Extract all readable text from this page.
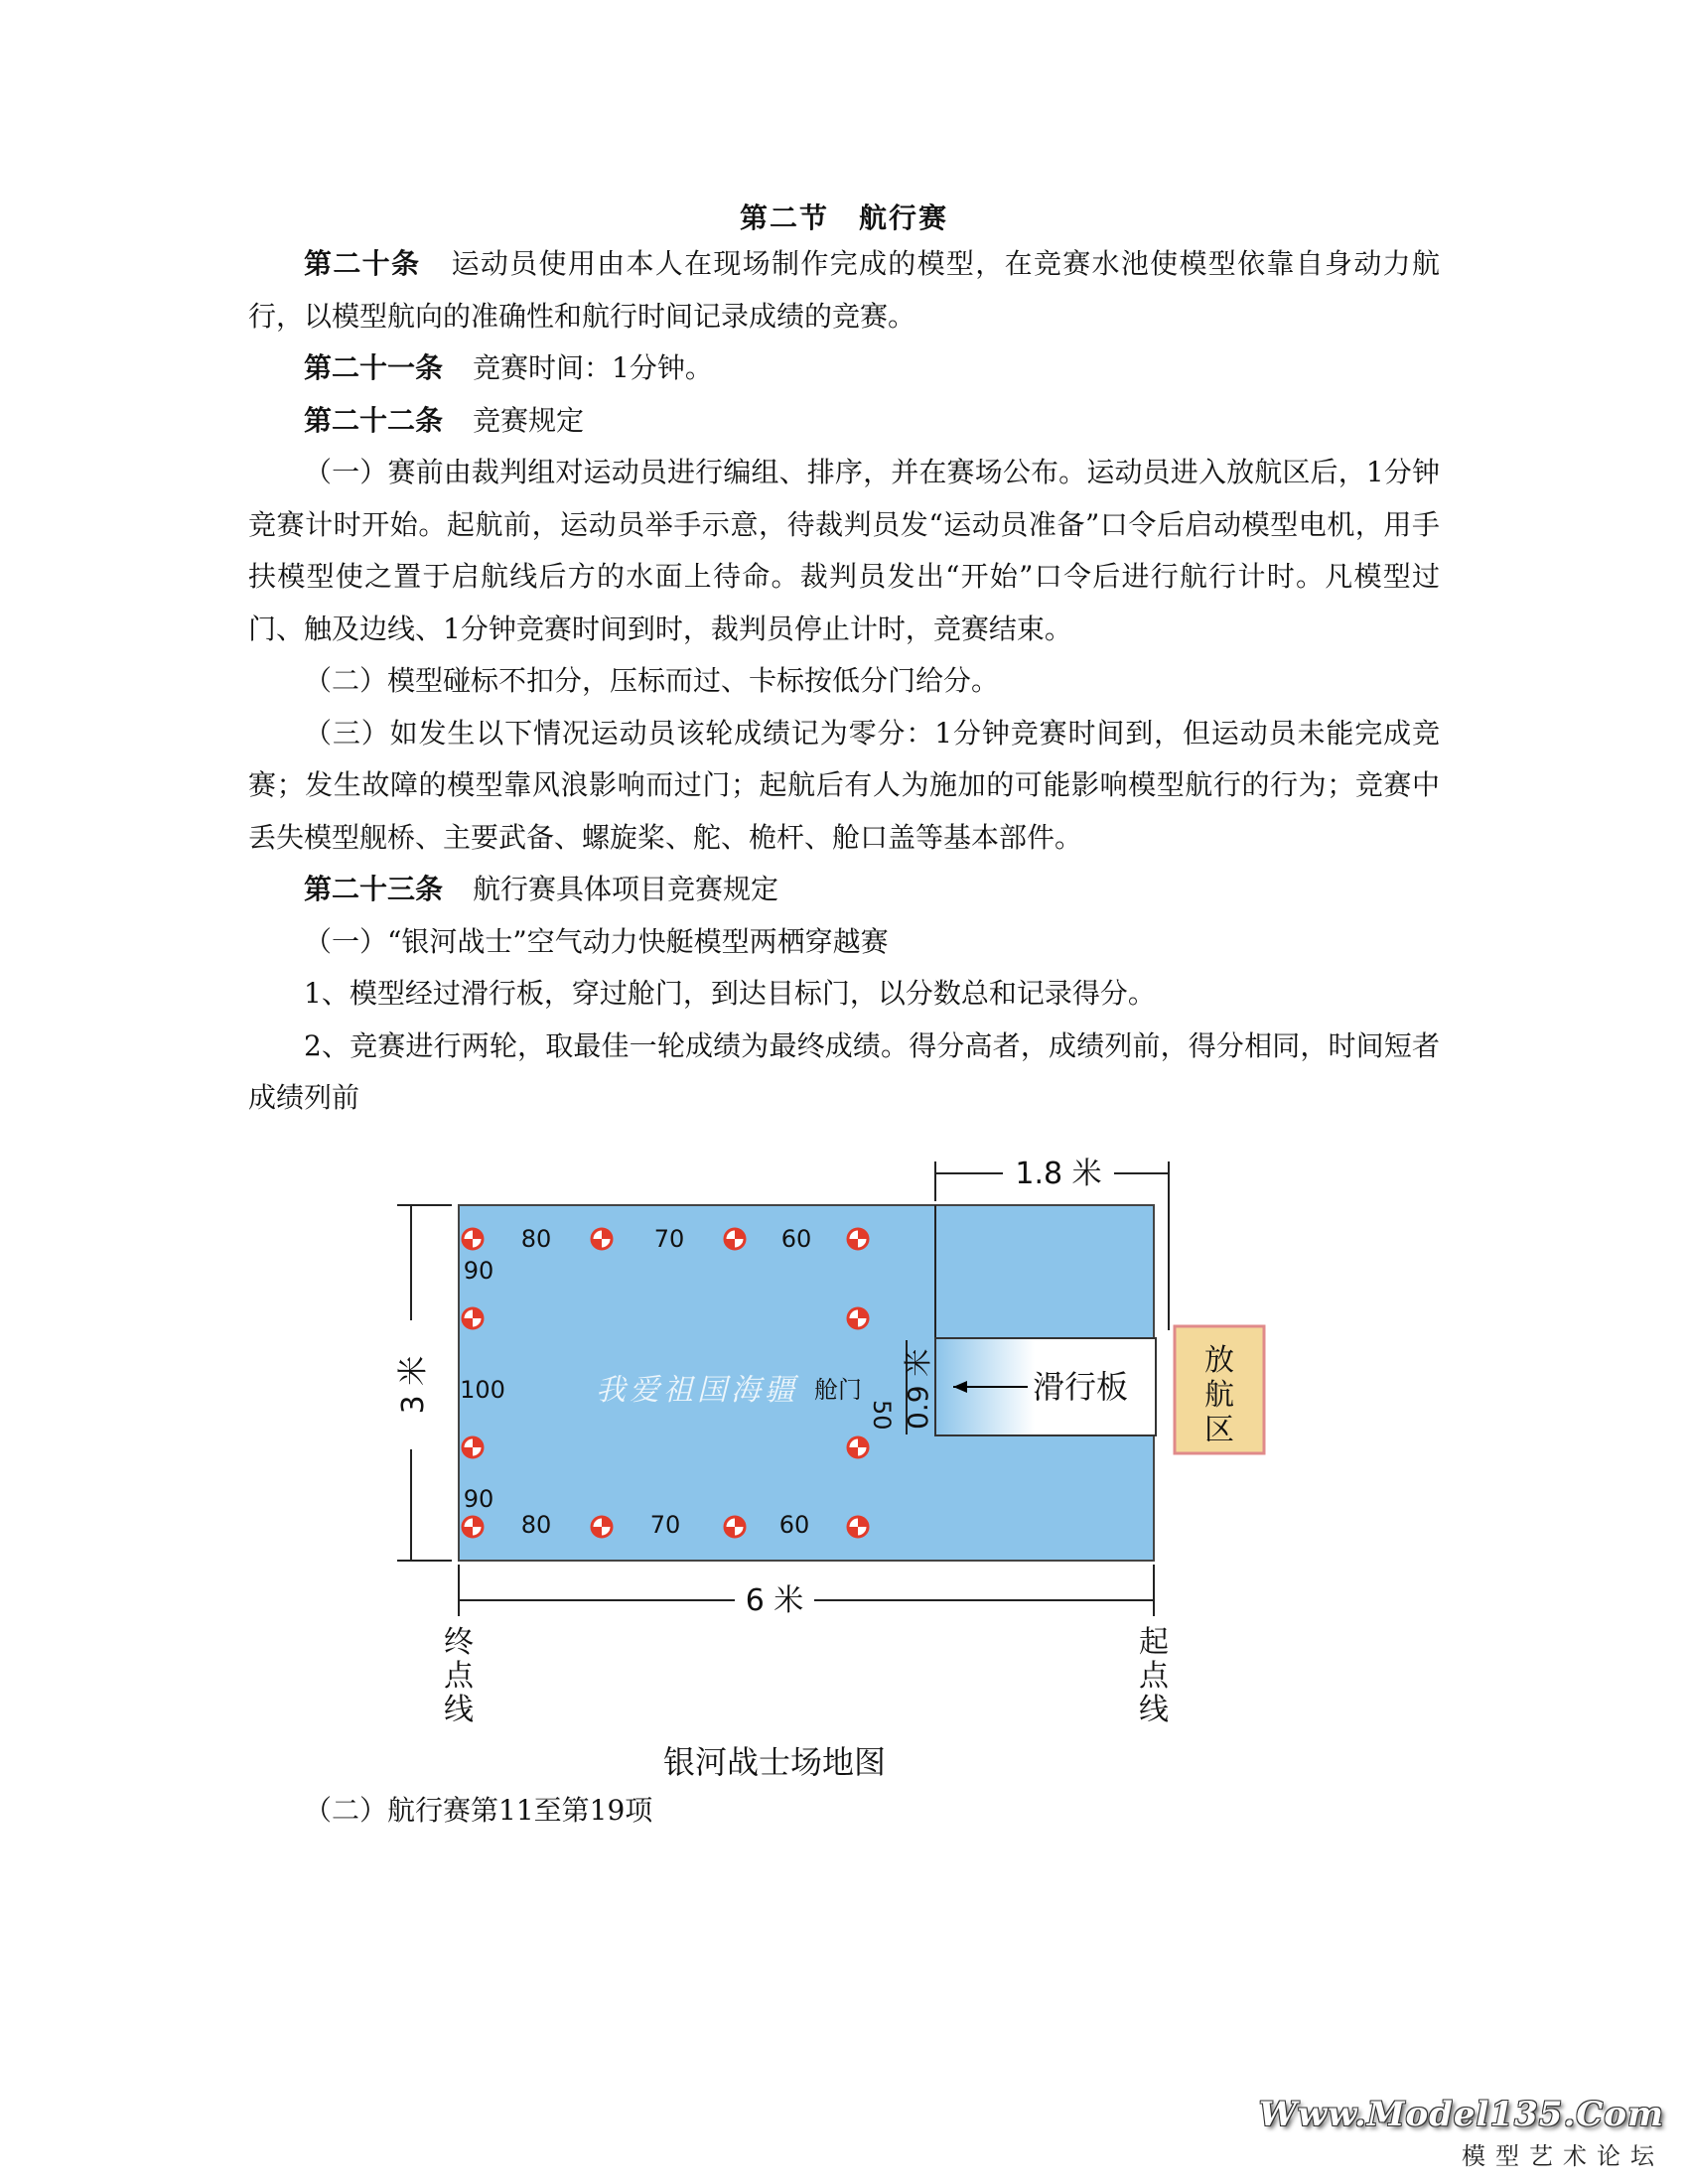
第二节　航行赛

第二十条 运动员使用由本人在现场制作完成的模型，在竞赛水池使模型依靠自身动力航行，以模型航向的准确性和航行时间记录成绩的竞赛。

第二十一条 竞赛时间：1分钟。

第二十二条 竞赛规定

（一）赛前由裁判组对运动员进行编组、排序，并在赛场公布。运动员进入放航区后，1分钟竞赛计时开始。起航前，运动员举手示意，待裁判员发“运动员准备”口令后启动模型电机，用手扶模型使之置于启航线后方的水面上待命。裁判员发出“开始”口令后进行航行计时。凡模型过门、触及边线、1分钟竞赛时间到时，裁判员停止计时，竞赛结束。

（二）模型碰标不扣分，压标而过、卡标按低分门给分。

（三）如发生以下情况运动员该轮成绩记为零分：1分钟竞赛时间到，但运动员未能完成竞赛；发生故障的模型靠风浪影响而过门；起航后有人为施加的可能影响模型航行的行为；竞赛中丢失模型舰桥、主要武备、螺旋桨、舵、桅杆、舱口盖等基本部件。

第二十三条 航行赛具体项目竞赛规定

（一）“银河战士”空气动力快艇模型两栖穿越赛

1、模型经过滑行板，穿过舱门，到达目标门，以分数总和记录得分。

2、竞赛进行两轮，取最佳一轮成绩为最终成绩。得分高者，成绩列前，得分相同，时间短者成绩列前

滑行板
0.9 米	放
航
区
1.8 米
3 米
6 米
终
点
线
起
点
线
我爱祖国海疆 舱门
50
80	70	60
80	70	60
90
100
90
银河战士场地图
（二）航行赛第11至第19项
Www.Model135.Com
模型艺术论坛
